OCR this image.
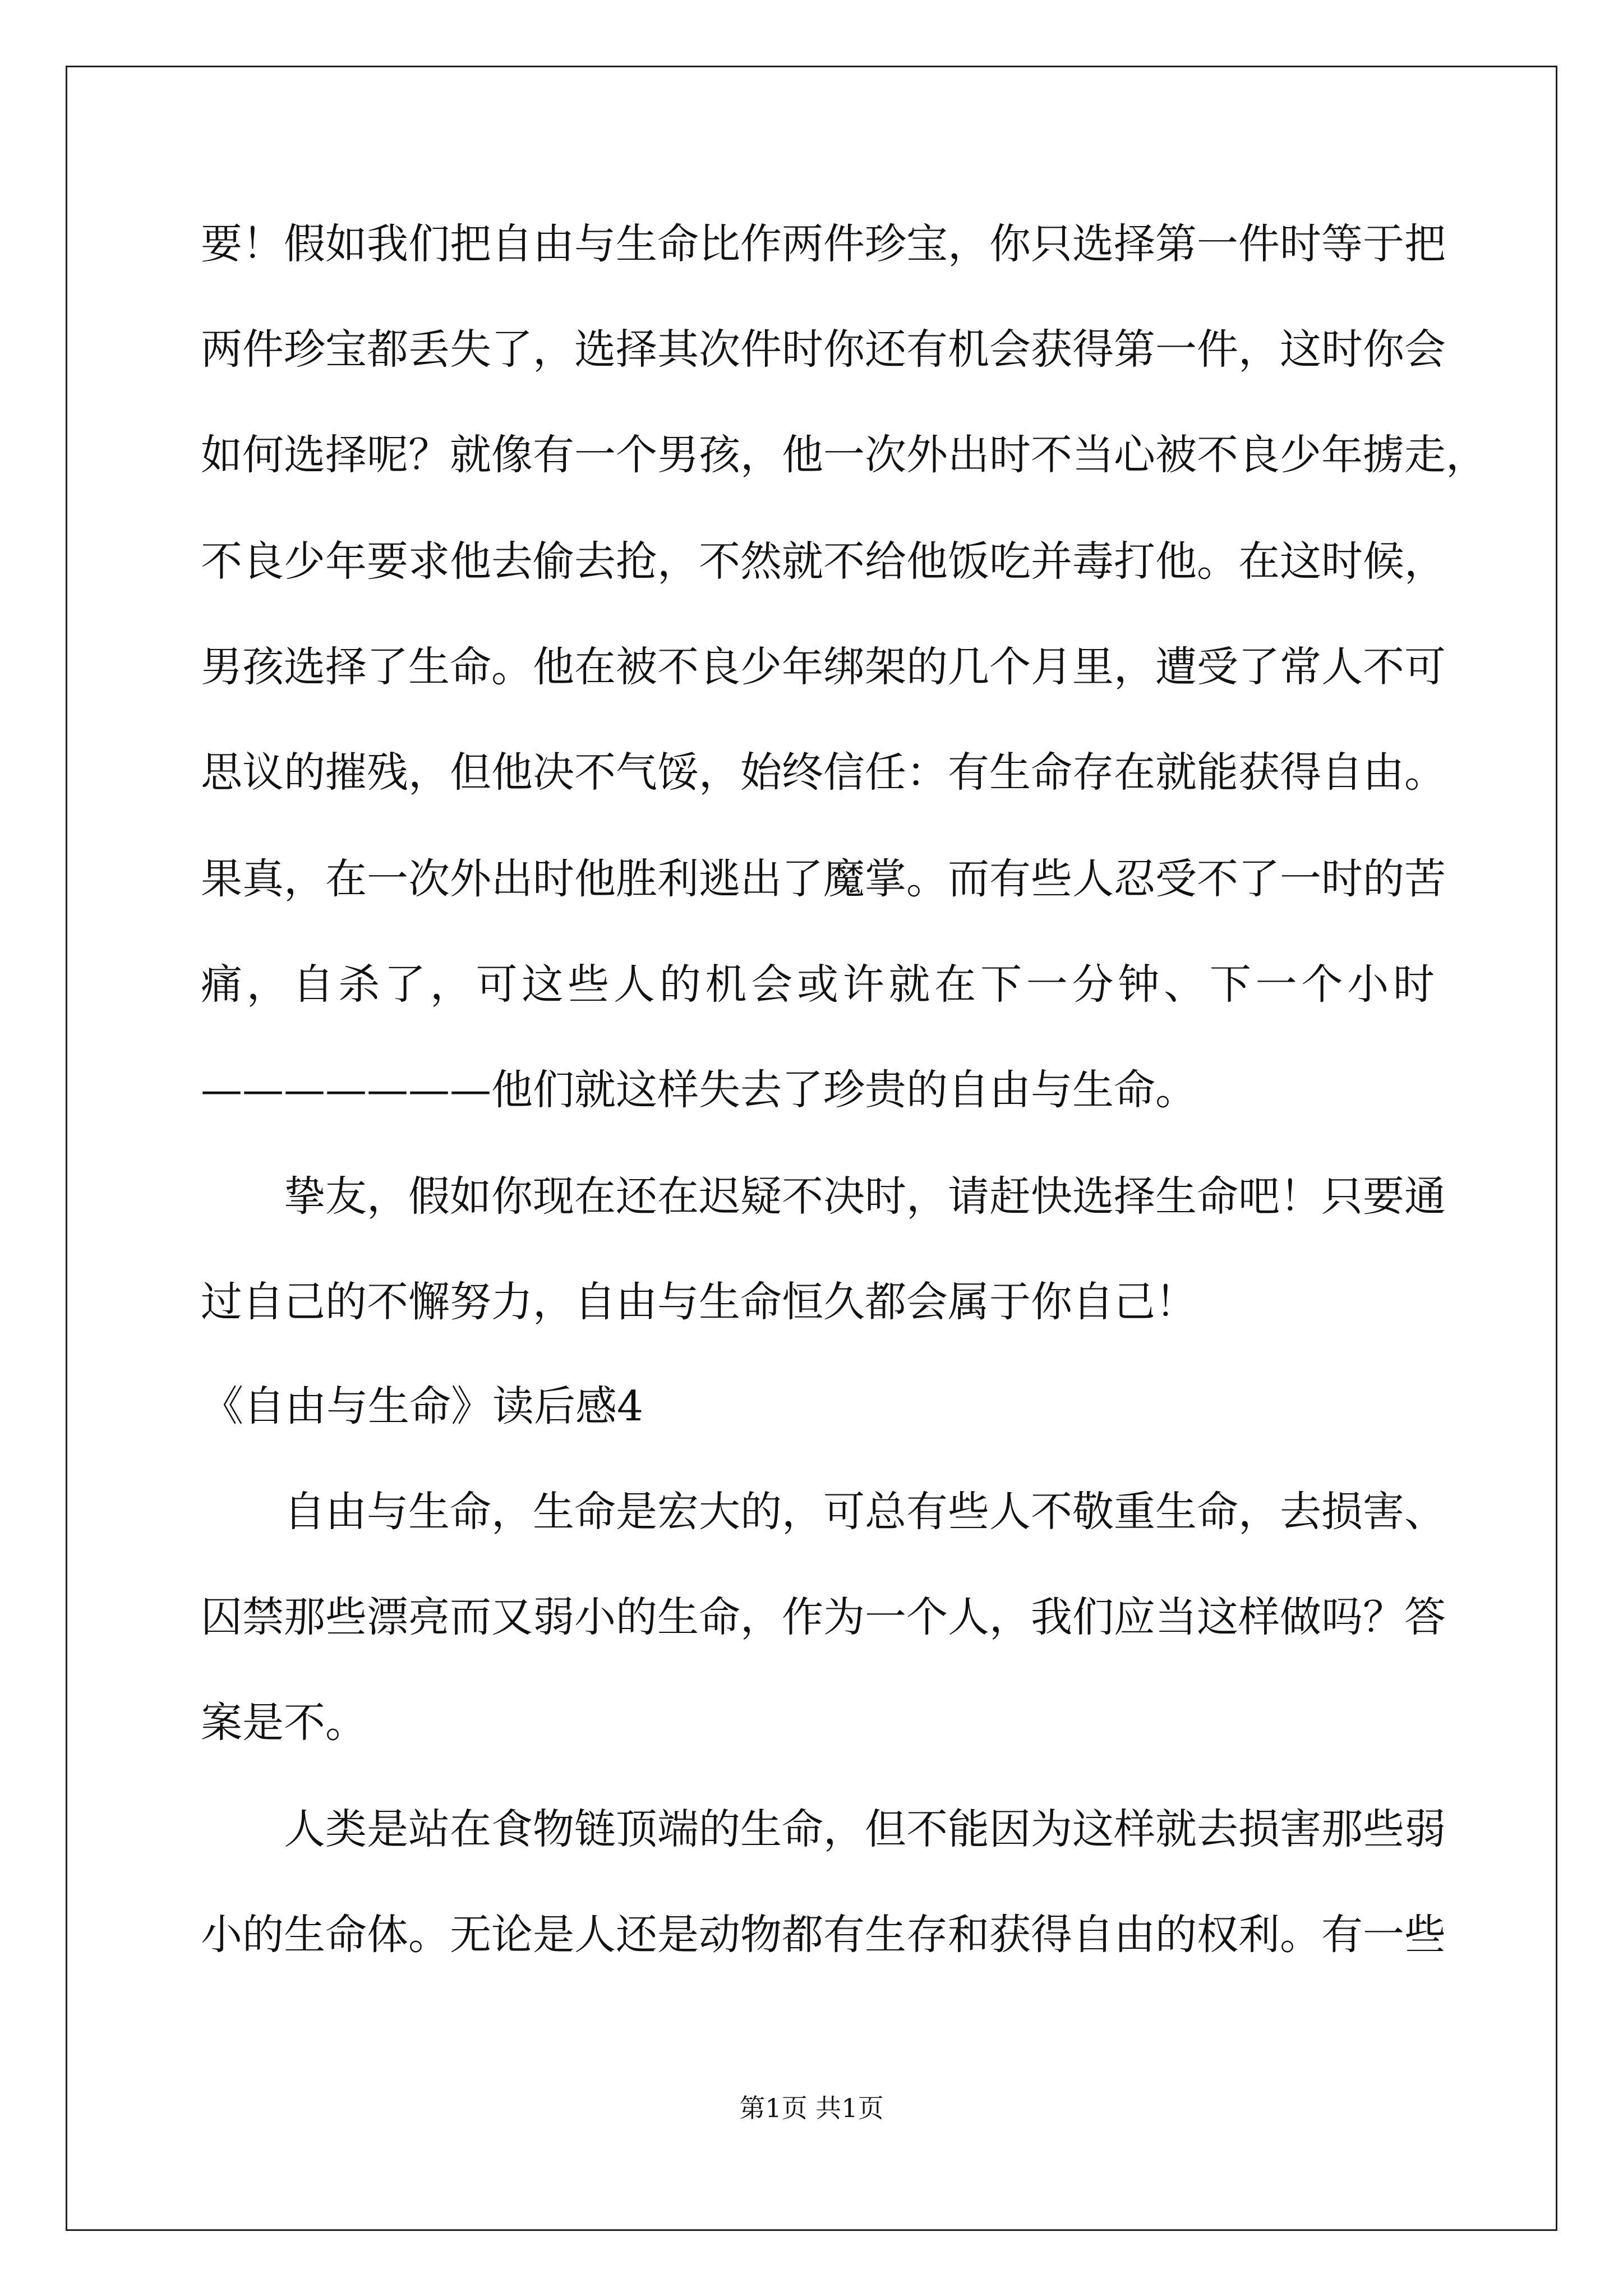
要！假如我们把自由与生命比作两件珍宝，你只选择第一件时等于把
两件珍宝都丢失了，选择其次件时你还有机会获得第一件，这时你会
如何选择呢？就像有一个男孩，他一次外出时不当心被不良少年掳走，
不良少年要求他去偷去抢，不然就不给他饭吃并毒打他。在这时候，
男孩选择了生命。他在被不良少年绑架的几个月里，遭受了常人不可
思议的摧残，但他决不气馁，始终信任：有生命存在就能获得自由。
果真，在一次外出时他胜利逃出了魔掌。而有些人忍受不了一时的苦
痛，自杀了，可这些人的机会或许就在下一分钟、下一个小时
———————他们就这样失去了珍贵的自由与生命。
挚友，假如你现在还在迟疑不决时，请赶快选择生命吧！只要通
过自己的不懈努力，自由与生命恒久都会属于你自己！
《自由与生命》读后感4
自由与生命，生命是宏大的，可总有些人不敬重生命，去损害、
囚禁那些漂亮而又弱小的生命，作为一个人，我们应当这样做吗？答
案是不。
人类是站在食物链顶端的生命，但不能因为这样就去损害那些弱
小的生命体。无论是人还是动物都有生存和获得自由的权利。有一些
第1页 共1页
